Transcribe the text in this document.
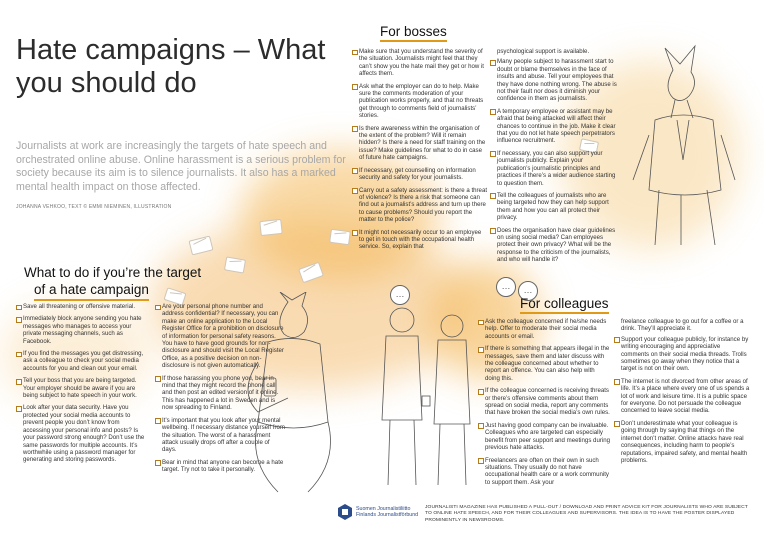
Hate campaigns – What you should do

Journalists at work are increasingly the targets of hate speech and orchestrated online abuse. Online harassment is a serious problem for society because its aim is to silence journalists. It also has a marked mental health impact on those affected.

JOHANNA VEHKOO, TEXT © EMMI NIEMINEN, ILLUSTRATION
…	…
…
For bosses
Make sure that you understand the severity of the situation. Journalists might feel that they can’t show you the hate mail they get or how it affects them.
Ask what the employer can do to help. Make sure the comments moderation of your publication works properly, and that no threats get through to comments field of journalists’ stories.
Is there awareness within the organisation of the extent of the problem? Will it remain hidden? Is there a need for staff training on the issue? Make guidelines for what to do in case of future hate campaigns.
If necessary, get counselling on information security and safety for your journalists.
Carry out a safety assessment: is there a threat of violence? Is there a risk that someone can find out a journalist’s address and turn up there to cause problems? Should you report the matter to the police?
It might not necessarily occur to an employee to get in touch with the occupational health service. So, explain that

psychological support is available.

Many people subject to harassment start to doubt or blame themselves in the face of insults and abuse. Tell your employees that they have done nothing wrong. The abuse is not their fault nor does it diminish your confidence in them as journalists.
A temporary employee or assistant may be afraid that being attacked will affect their chances to continue in the job. Make it clear that you do not let hate speech perpetrators influence recruitment.
If necessary, you can also support your journalists publicly. Explain your publication’s journalistic principles and practices if there’s a wider audience starting to question them.
Tell the colleagues of journalists who are being targeted how they can help support them and how you can all protect their privacy.
Does the organisation have clear guidelines on using social media? Can employees protect their own privacy? What will be the response to the criticism of the journalists, and who will handle it?
What to do if you’re the target
of a hate campaign
Save all threatening or offensive material.
Immediately block anyone sending you hate messages who manages to access your private messaging channels, such as Facebook.
If you find the messages you get distressing, ask a colleague to check your social media accounts for you and clean out your email.
Tell your boss that you are being targeted. Your employer should be aware if you are being subject to hate speech in your work.
Look after your data security. Have you protected your social media accounts to prevent people you don’t know from accessing your personal info and posts? Is your password strong enough? Don’t use the same passwords for multiple accounts. It’s worthwhile using a password manager for generating and storing passwords.
Are your personal phone number and address confidential? If necessary, you can make an online application to the Local Register Office for a prohibition on disclosure of information for personal safety reasons. You have to have good grounds for non-disclosure and should visit the Local Register Office, as a positive decision on non-disclosure is not given automatically.
If those harassing you phone you, bear in mind that they might record the phone call and then post an edited version of it online. This has happened a lot in Sweden and is now spreading to Finland.
It’s important that you look after your mental wellbeing. If necessary distance yourself from the situation. The worst of a harassment attack usually drops off after a couple of days.
Bear in mind that anyone can become a hate target. Try not to take it personally.
For colleagues
Ask the colleague concerned if he/she needs help. Offer to moderate their social media accounts or email.
If there is something that appears illegal in the messages, save them and later discuss with the colleague concerned about whether to report an offence. You can also help with doing this.
If the colleague concerned is receiving threats or there’s offensive comments about them spread on social media, report any comments that have broken the social media’s own rules.
Just having good company can be invaluable. Colleagues who are targeted can especially benefit from peer support and meetings during previous hate attacks.
Freelancers are often on their own in such situations. They usually do not have occupational health care or a work community to support them. Ask your

freelance colleague to go out for a coffee or a drink. They’ll appreciate it.

Support your colleague publicly, for instance by writing encouraging and appreciative comments on their social media threads. Trolls sometimes go away when they notice that a target is not on their own.
The internet is not divorced from other areas of life. It’s a place where every one of us spends a lot of work and leisure time. It is a public space for everyone. Do not persuade the colleague concerned to leave social media.
Don’t underestimate what your colleague is going through by saying that things on the internet don’t matter. Online attacks have real consequences, including harm to people’s reputations, impaired safety, and mental health problems.
Suomen Journalistiliitto
Finlands Journalistförbund
JOURNALISTI MAGAZINE HAS PUBLISHED A PULL-OUT / DOWNLOAD AND PRINT ADVICE KIT FOR JOURNALISTS WHO ARE SUBJECT TO ONLINE HATE SPEECH, AND FOR THEIR COLLEAGUES AND SUPERVISORS. THE IDEA IS TO HAVE THE POSTER DISPLAYED PROMINENTLY IN NEWSROOMS.
